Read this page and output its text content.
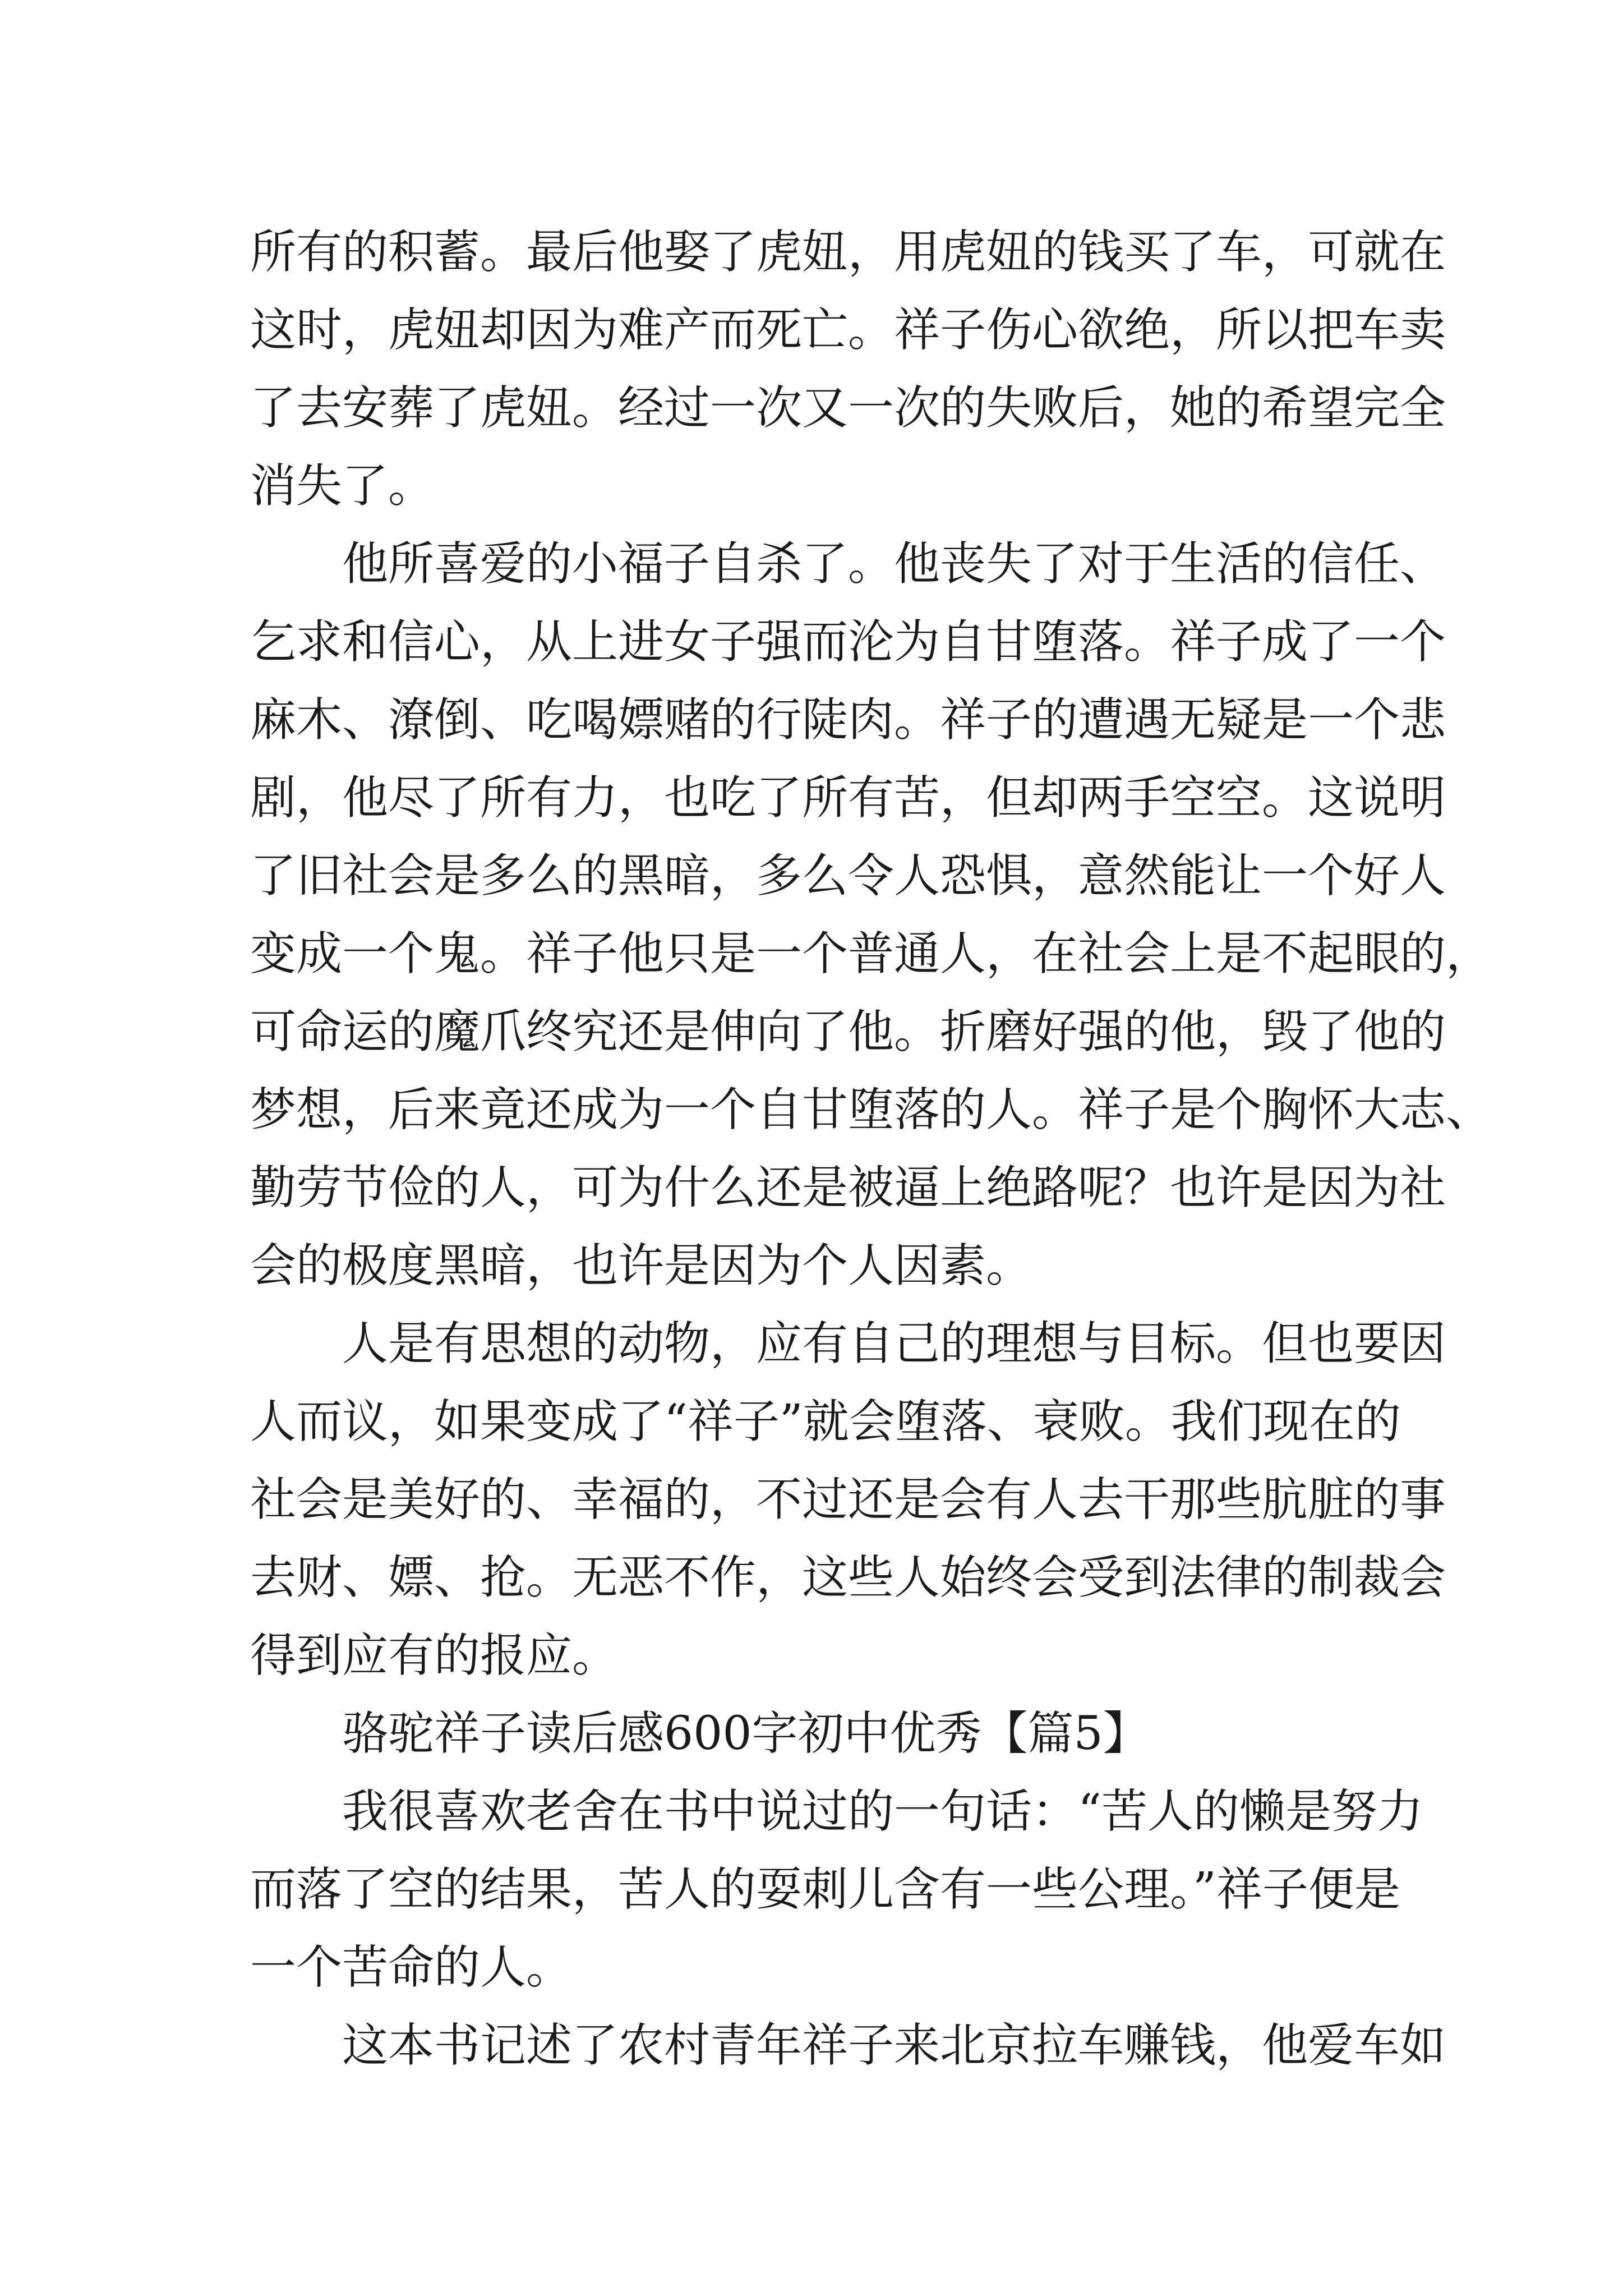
所有的积蓄。最后他娶了虎妞，用虎妞的钱买了车，可就在
这时，虎妞却因为难产而死亡。祥子伤心欲绝，所以把车卖
了去安葬了虎妞。经过一次又一次的失败后，她的希望完全
消失了。
他所喜爱的小福子自杀了。他丧失了对于生活的信任、
乞求和信心，从上进女子强而沦为自甘堕落。祥子成了一个
麻木、潦倒、吃喝嫖赌的行陡肉。祥子的遭遇无疑是一个悲
剧，他尽了所有力，也吃了所有苦，但却两手空空。这说明
了旧社会是多么的黑暗，多么令人恐惧，意然能让一个好人
变成一个鬼。祥子他只是一个普通人，在社会上是不起眼的，
可命运的魔爪终究还是伸向了他。折磨好强的他，毁了他的
梦想，后来竟还成为一个自甘堕落的人。祥子是个胸怀大志、
勤劳节俭的人，可为什么还是被逼上绝路呢？也许是因为社
会的极度黑暗，也许是因为个人因素。
人是有思想的动物，应有自己的理想与目标。但也要因
人而议，如果变成了“祥子”就会堕落、衰败。我们现在的
社会是美好的、幸福的，不过还是会有人去干那些肮脏的事
去财、嫖、抢。无恶不作，这些人始终会受到法律的制裁会
得到应有的报应。
骆驼祥子读后感600字初中优秀【篇5】
我很喜欢老舍在书中说过的一句话：“苦人的懒是努力
而落了空的结果，苦人的耍刺儿含有一些公理。”祥子便是
一个苦命的人。
这本书记述了农村青年祥子来北京拉车赚钱，他爱车如
